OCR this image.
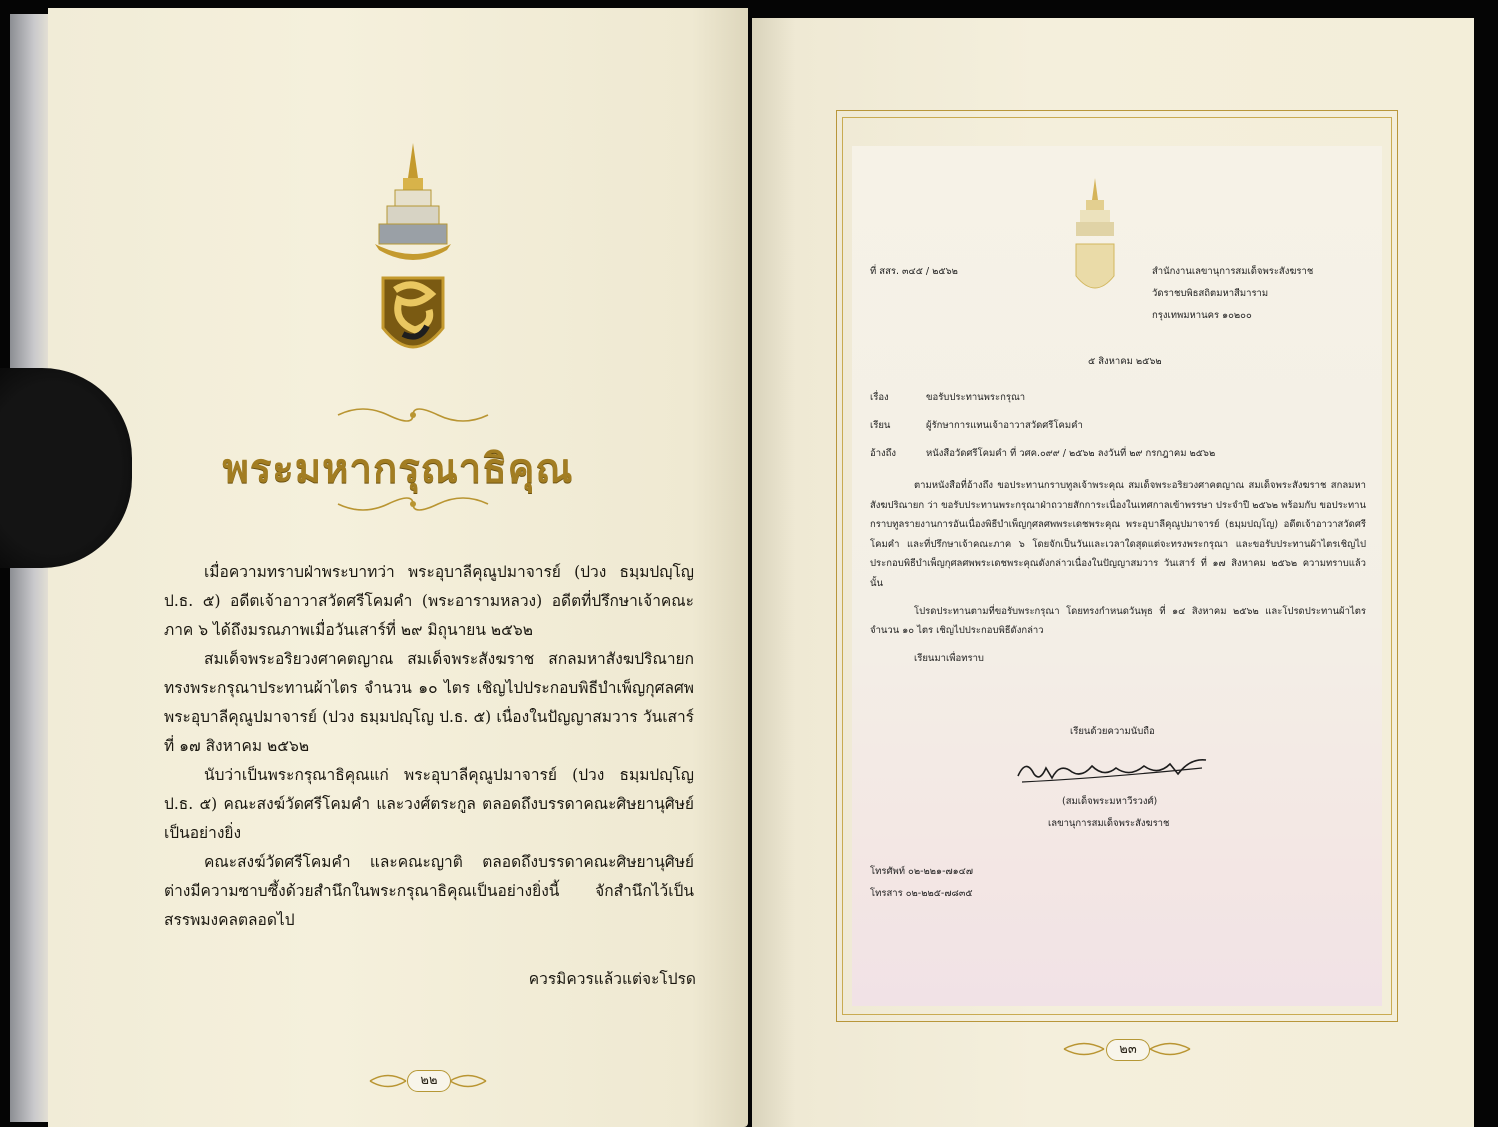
พระมหากรุณาธิคุณ

เมื่อความทราบฝ่าพระบาทว่า พระอุบาลีคุณูปมาจารย์ (ปวง ธมฺมปญฺโญ ป.ธ. ๕) อดีตเจ้าอาวาสวัดศรีโคมคำ (พระอารามหลวง) อดีตที่ปรึกษาเจ้าคณะภาค ๖ ได้ถึงมรณภาพเมื่อวันเสาร์ที่ ๒๙ มิถุนายน ๒๕๖๒

สมเด็จพระอริยวงศาคตญาณ สมเด็จพระสังฆราช สกลมหาสังฆปริณายก ทรงพระกรุณาประทานผ้าไตร จำนวน ๑๐ ไตร เชิญไปประกอบพิธีบำเพ็ญกุศลศพ พระอุบาลีคุณูปมาจารย์ (ปวง ธมฺมปญฺโญ ป.ธ. ๕) เนื่องในปัญญาสมวาร วันเสาร์ที่ ๑๗ สิงหาคม ๒๕๖๒

นับว่าเป็นพระกรุณาธิคุณแก่ พระอุบาลีคุณูปมาจารย์ (ปวง ธมฺมปญฺโญ ป.ธ. ๕) คณะสงฆ์วัดศรีโคมคำ และวงศ์ตระกูล ตลอดถึงบรรดาคณะศิษยานุศิษย์ เป็นอย่างยิ่ง

คณะสงฆ์วัดศรีโคมคำ และคณะญาติ ตลอดถึงบรรดาคณะศิษยานุศิษย์ ต่างมีความซาบซึ้งด้วยสำนึกในพระกรุณาธิคุณเป็นอย่างยิ่งนี้ จักสำนึกไว้เป็นสรรพมงคลตลอดไป

ควรมิควรแล้วแต่จะโปรด
๒๒
ที่ สสร. ๓๔๕ / ๒๕๖๒	สำนักงานเลขานุการสมเด็จพระสังฆราช
วัดราชบพิธสถิตมหาสีมาราม
กรุงเทพมหานคร ๑๐๒๐๐
๕ สิงหาคม ๒๕๖๒
เรื่อง	ขอรับประทานพระกรุณา
เรียน	ผู้รักษาการแทนเจ้าอาวาสวัดศรีโคมคำ
อ้างถึง	หนังสือวัดศรีโคมคำ ที่ วศค.๐๙๙ / ๒๕๖๒ ลงวันที่ ๒๙ กรกฎาคม ๒๕๖๒

ตามหนังสือที่อ้างถึง ขอประทานกราบทูลเจ้าพระคุณ สมเด็จพระอริยวงศาคตญาณ สมเด็จพระสังฆราช สกลมหาสังฆปริณายก ว่า ขอรับประทานพระกรุณาฝ่าถวายสักการะเนื่องในเทศกาลเข้าพรรษา ประจำปี ๒๕๖๒ พร้อมกับ ขอประทานกราบทูลรายงานการอันเนื่องพิธีบำเพ็ญกุศลศพพระเดชพระคุณ พระอุบาลีคุณูปมาจารย์ (ธมฺมปญฺโญ) อดีตเจ้าอาวาสวัดศรีโคมคำ และที่ปรึกษาเจ้าคณะภาค ๖ โดยจักเป็นวันและเวลาใดสุดแต่จะทรงพระกรุณา และขอรับประทานผ้าไตรเชิญไปประกอบพิธีบำเพ็ญกุศลศพพระเดชพระคุณดังกล่าวเนื่องในปัญญาสมวาร วันเสาร์ ที่ ๑๗ สิงหาคม ๒๕๖๒ ความทราบแล้ว นั้น

โปรดประทานตามที่ขอรับพระกรุณา โดยทรงกำหนดวันพุธ ที่ ๑๔ สิงหาคม ๒๕๖๒ และโปรดประทานผ้าไตร จำนวน ๑๐ ไตร เชิญไปประกอบพิธีดังกล่าว

เรียนมาเพื่อทราบ

เรียนด้วยความนับถือ
(สมเด็จพระมหาวีรวงศ์)
เลขานุการสมเด็จพระสังฆราช
โทรศัพท์ ๐๒-๒๒๑-๗๑๔๗
โทรสาร ๐๒-๒๒๕-๗๘๓๕
๒๓
